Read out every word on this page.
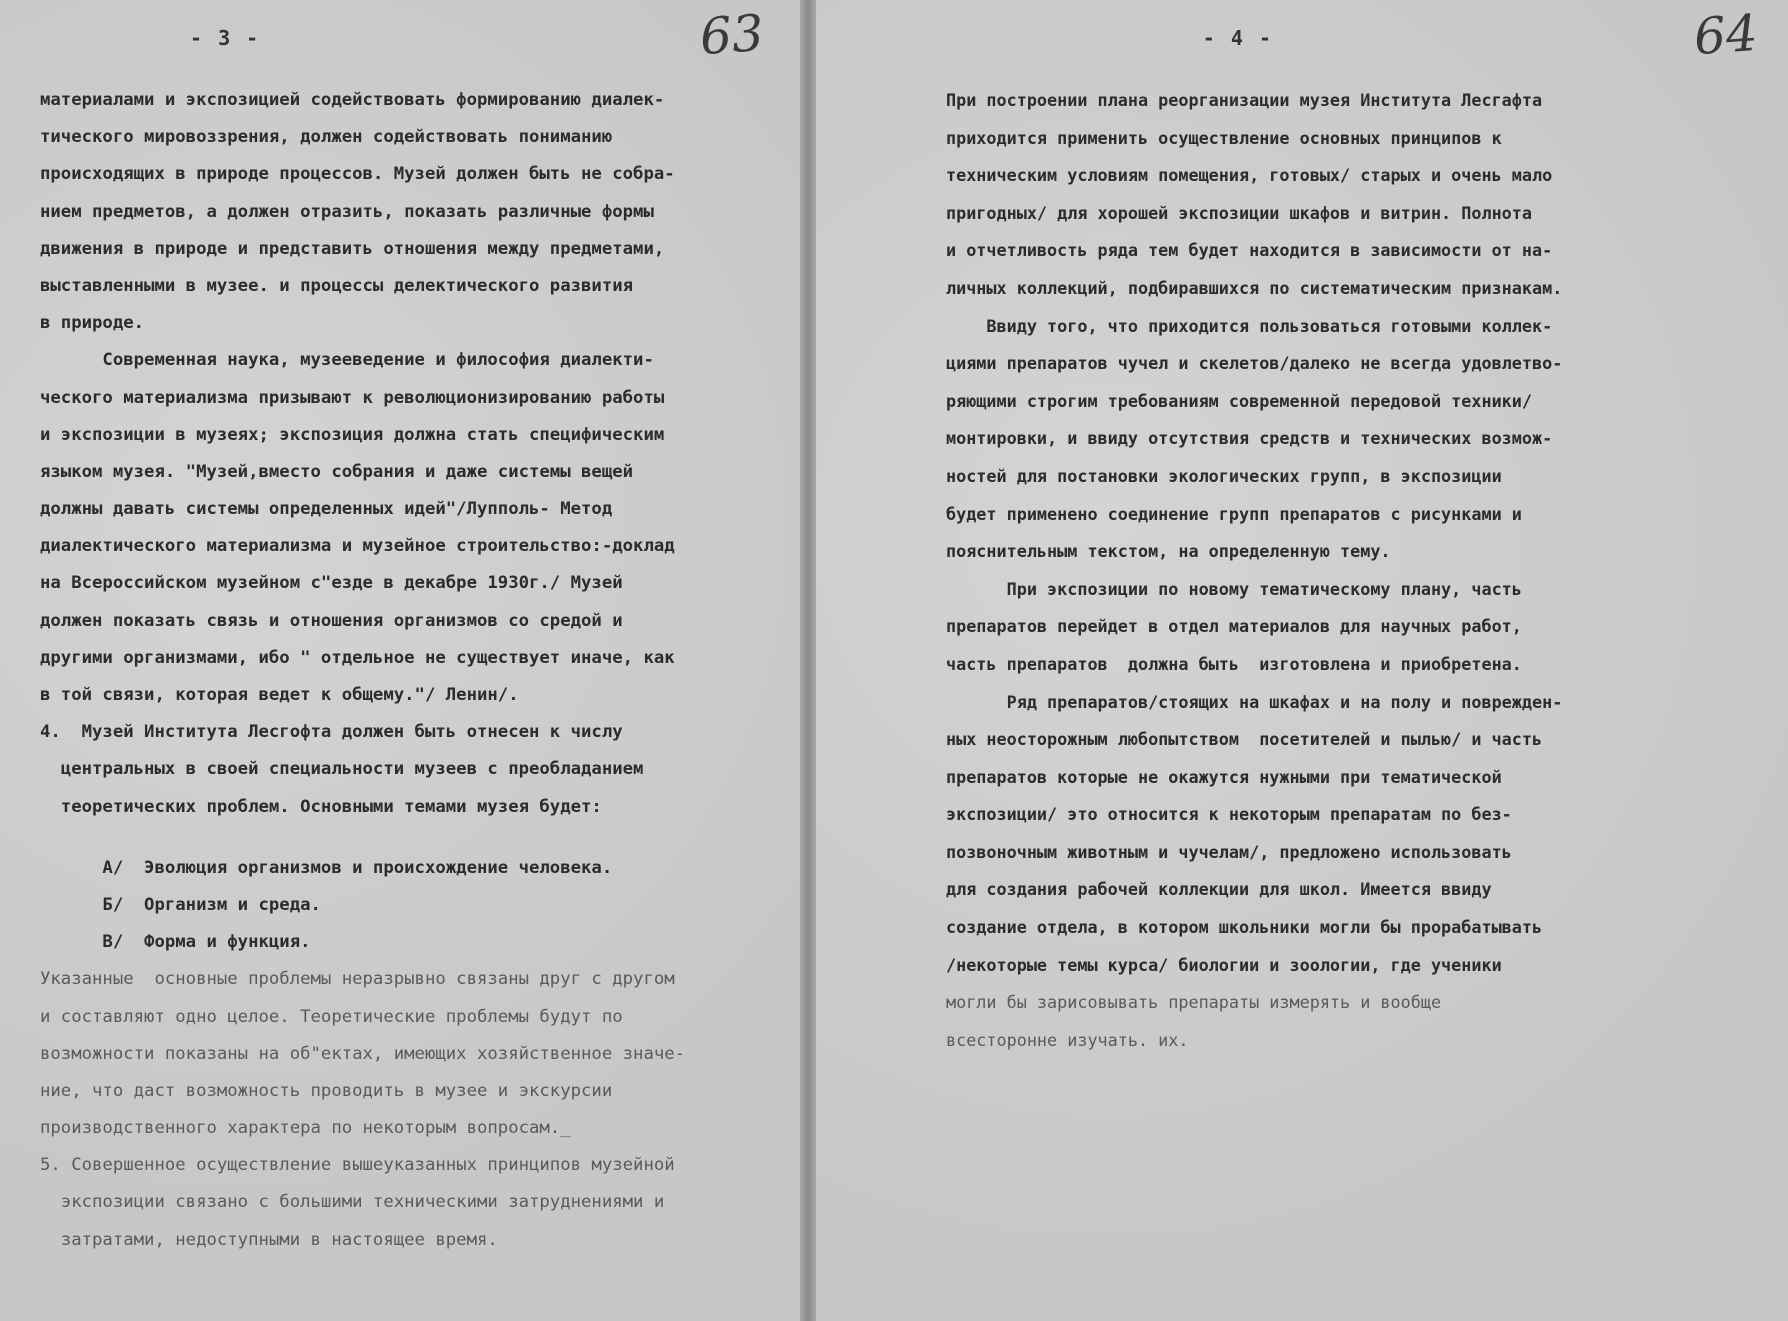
- 3 -	63
материалами и экспозицией содействовать формированию диалек-
тического мировоззрения, должен содействовать пониманию
происходящих в природе процессов. Музей должен быть не собра-
нием предметов, а должен отразить, показать различные формы
движения в природе и представить отношения между предметами,
выставленными в музее. и процессы делектического развития
в природе.
Современная наука, музееведение и философия диалекти-
ческого материализма призывают к революционизированию работы
и экспозиции в музеях; экспозиция должна стать специфическим
языком музея. "Музей,вместо собрания и даже системы вещей
должны давать системы определенных идей"/Лупполь- Метод
диалектического материализма и музейное строительство:-доклад
на Всероссийском музейном с"езде в декабре 1930г./ Музей
должен показать связь и отношения организмов со средой и
другими организмами, ибо " отдельное не существует иначе, как
в той связи, которая ведет к общему."/ Ленин/.
4.  Музей Института Лесгофта должен быть отнесен к числу
центральных в своей специальности музеев с преобладанием
теоретических проблем. Основными темами музея будет:
А/  Эволюция организмов и происхождение человека.
Б/  Организм и среда.
В/  Форма и функция.
Указанные  основные проблемы неразрывно связаны друг с другом
и составляют одно целое. Теоретические проблемы будут по
возможности показаны на об"ектах, имеющих хозяйственное значе-
ние, что даст возможность проводить в музее и экскурсии
производственного характера по некоторым вопросам._
5. Совершенное осуществление вышеуказанных принципов музейной
экспозиции связано с большими техническими затруднениями и
затратами, недоступными в настоящее время.
- 4 -	64
При построении плана реорганизации музея Института Лесгафта
приходится применить осуществление основных принципов к
техническим условиям помещения, готовых/ старых и очень мало
пригодных/ для хорошей экспозиции шкафов и витрин. Полнота
и отчетливость ряда тем будет находится в зависимости от на-
личных коллекций, подбиравшихся по систематическим признакам.
Ввиду того, что приходится пользоваться готовыми коллек-
циями препаратов чучел и скелетов/далеко не всегда удовлетво-
ряющими строгим требованиям современной передовой техники/
монтировки, и ввиду отсутствия средств и технических возмож-
ностей для постановки экологических групп, в экспозиции
будет применено соединение групп препаратов с рисунками и
пояснительным текстом, на определенную тему.
При экспозиции по новому тематическому плану, часть
препаратов перейдет в отдел материалов для научных работ,
часть препаратов  должна быть  изготовлена и приобретена.
Ряд препаратов/стоящих на шкафах и на полу и поврежден-
ных неосторожным любопытством  посетителей и пылью/ и часть
препаратов которые не окажутся нужными при тематической
экспозиции/ это относится к некоторым препаратам по без-
позвоночным животным и чучелам/, предложено использовать
для создания рабочей коллекции для школ. Имеется ввиду
создание отдела, в котором школьники могли бы прорабатывать
/некоторые темы курса/ биологии и зоологии, где ученики
могли бы зарисовывать препараты измерять и вообще
всесторонне изучать. их.
